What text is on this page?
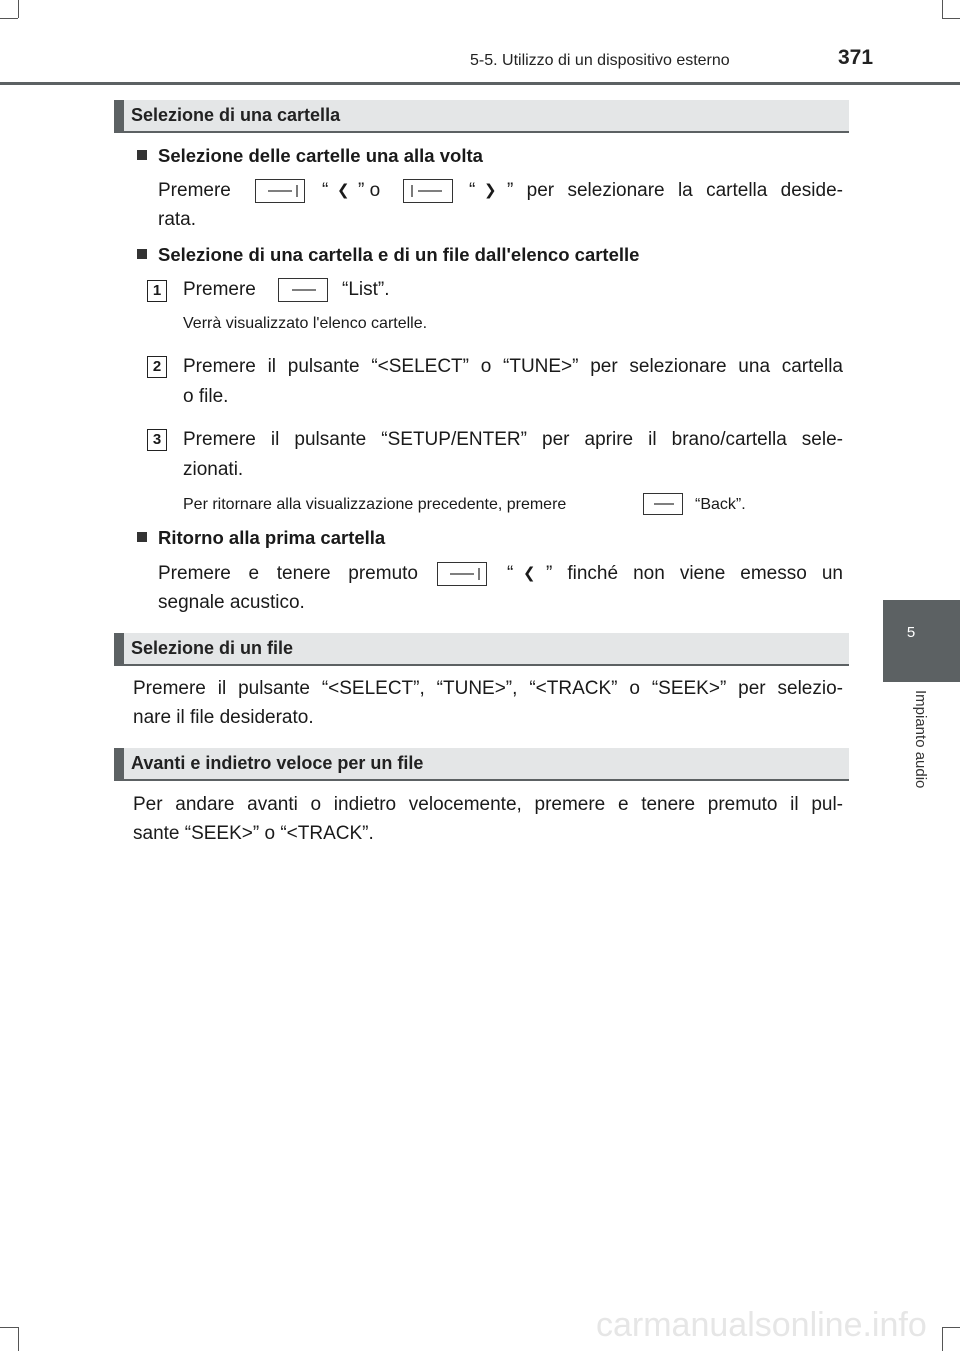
5-5. Utilizzo di un dispositivo esterno	371
5
Impianto audio
Selezione di una cartella
Selezione delle cartelle una alla volta
Premere	“ ❮ ” o	“ ❯ ” per selezionare la cartella deside-
rata.
Selezione di una cartella e di un file dall'elenco cartelle
1	Premere	“List”.
Verrà visualizzato l'elenco cartelle.
2	Premere il pulsante “<SELECT” o “TUNE>” per selezionare una cartella
o file.
3	Premere il pulsante “SETUP/ENTER” per aprire il brano/cartella sele-
zionati.
Per ritornare alla visualizzazione precedente, premere	“Back”.
Ritorno alla prima cartella
Premere e tenere premuto	“ ❮ ” finché non viene emesso un
segnale acustico.
Selezione di un file
Premere il pulsante “<SELECT”, “TUNE>”, “<TRACK” o “SEEK>” per selezio-
nare il file desiderato.
Avanti e indietro veloce per un file
Per andare avanti o indietro velocemente, premere e tenere premuto il pul-
sante “SEEK>” o “<TRACK”.
carmanualsonline.info
